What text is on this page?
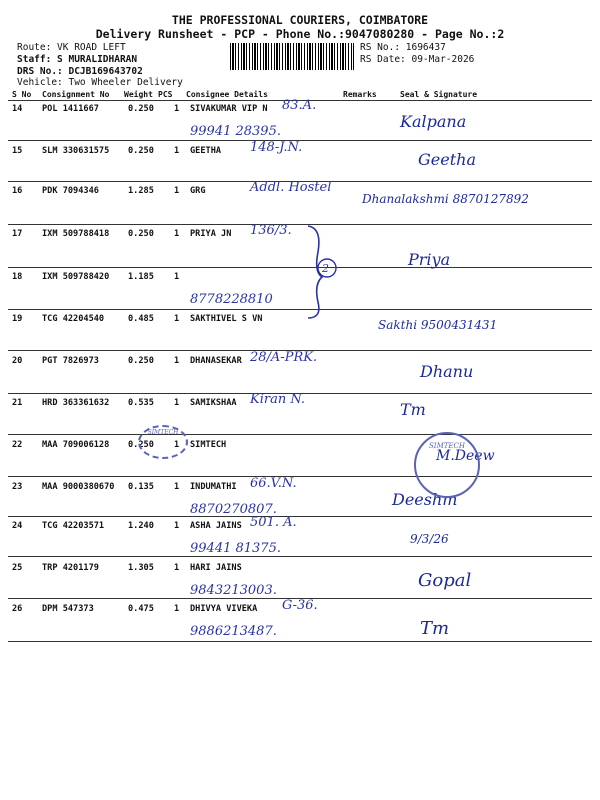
THE PROFESSIONAL COURIERS, COIMBATORE
Delivery Runsheet - PCP - Phone No.:9047080280 - Page No.:2
Route: VK ROAD LEFT
Staff: S MURALIDHARAN
DRS No.: DCJB169643702
Vehicle: Two Wheeler Delivery
RS No.: 1696437
RS Date: 09-Mar-2026
S No Consignment No Weight PCS Consignee Details	Remarks	Seal & Signature
14 POL 1411667	0.250 1 SIVAKUMAR VIP N 83.A.
99941 28395.
Kalpana
15 SLM 330631575 0.250 1 GEETHA 148-J.N.
Geetha
16 PDK 7094346	1.285 1 GRG	Addl. Hostel
Dhanalakshmi 8870127892
17 IXM 509788418 0.250 1 PRIYA JN 136/3.
Priya
18 IXM 509788420 1.185 1
8778228810
19 TCG 42204540	0.485 1 SAKTHIVEL S VN	Sakthi 9500431431
20 PGT 7826973	0.250 1 DHANASEKAR 28/A-PRK.
Dhanu
21 HRD 363361632 0.535 1 SAMIKSHAA Kiran N.
Tm
22 MAA 709006128 0.250 1 SIMTECH
M.Deew
23 MAA 9000380670 0.135 1 INDUMATHI 66.V.N.
8870270807.
Deeshm
24 TCG 42203571	1.240 1 ASHA JAINS 501. A.
99441 81375.
9/3/26
25 TRP 4201179	1.305 1 HARI JAINS
9843213003.	Gopal
26 DPM 547373	0.475 1 DHIVYA VIVEKA G-36.
9886213487.	Tm
2
SIMTECH
SIMTECH
